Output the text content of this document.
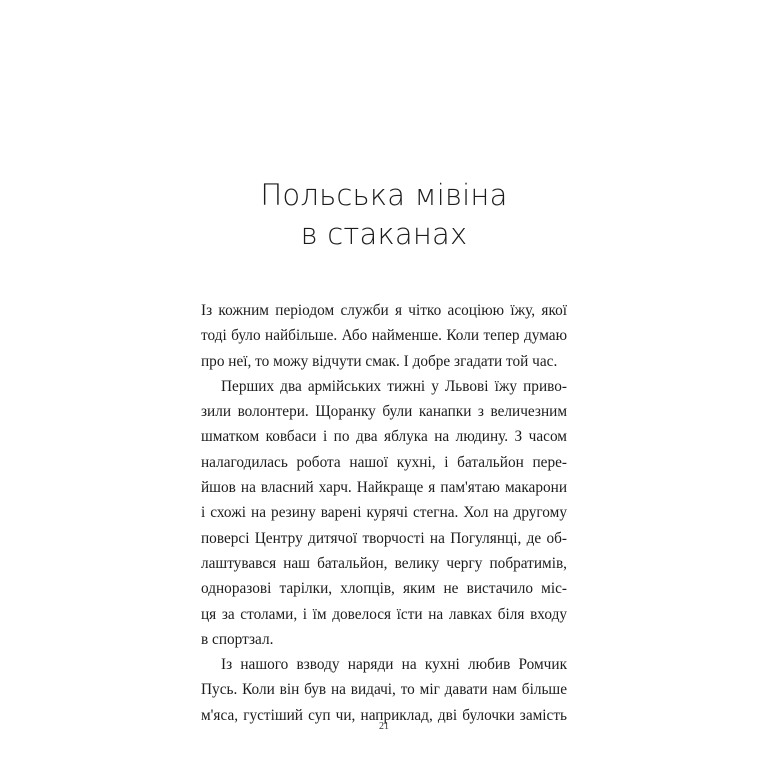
Польська мівіна
в стаканах

Із кожним періодом служби я чітко асоціюю їжу, якої

тоді було найбільше. Або найменше. Коли тепер думаю

про неї, то можу відчути смак. І добре згадати той час.

Перших два армійських тижні у Львові їжу приво-

зили волонтери. Щоранку були канапки з величезним

шматком ковбаси і по два яблука на людину. З часом

налагодилась робота нашої кухні, і батальйон пере-

йшов на власний харч. Найкраще я пам'ятаю макарони

і схожі на резину варені курячі стегна. Хол на другому

поверсі Центру дитячої творчості на Погулянці, де об-

лаштувався наш батальйон, велику чергу побратимів,

одноразові тарілки, хлопців, яким не вистачило міс-

ця за столами, і їм довелося їсти на лавках біля входу

в спортзал.

Із нашого взводу наряди на кухні любив Ромчик

Пусь. Коли він був на видачі, то міг давати нам більше

м'яса, густіший суп чи, наприклад, дві булочки замість

21
